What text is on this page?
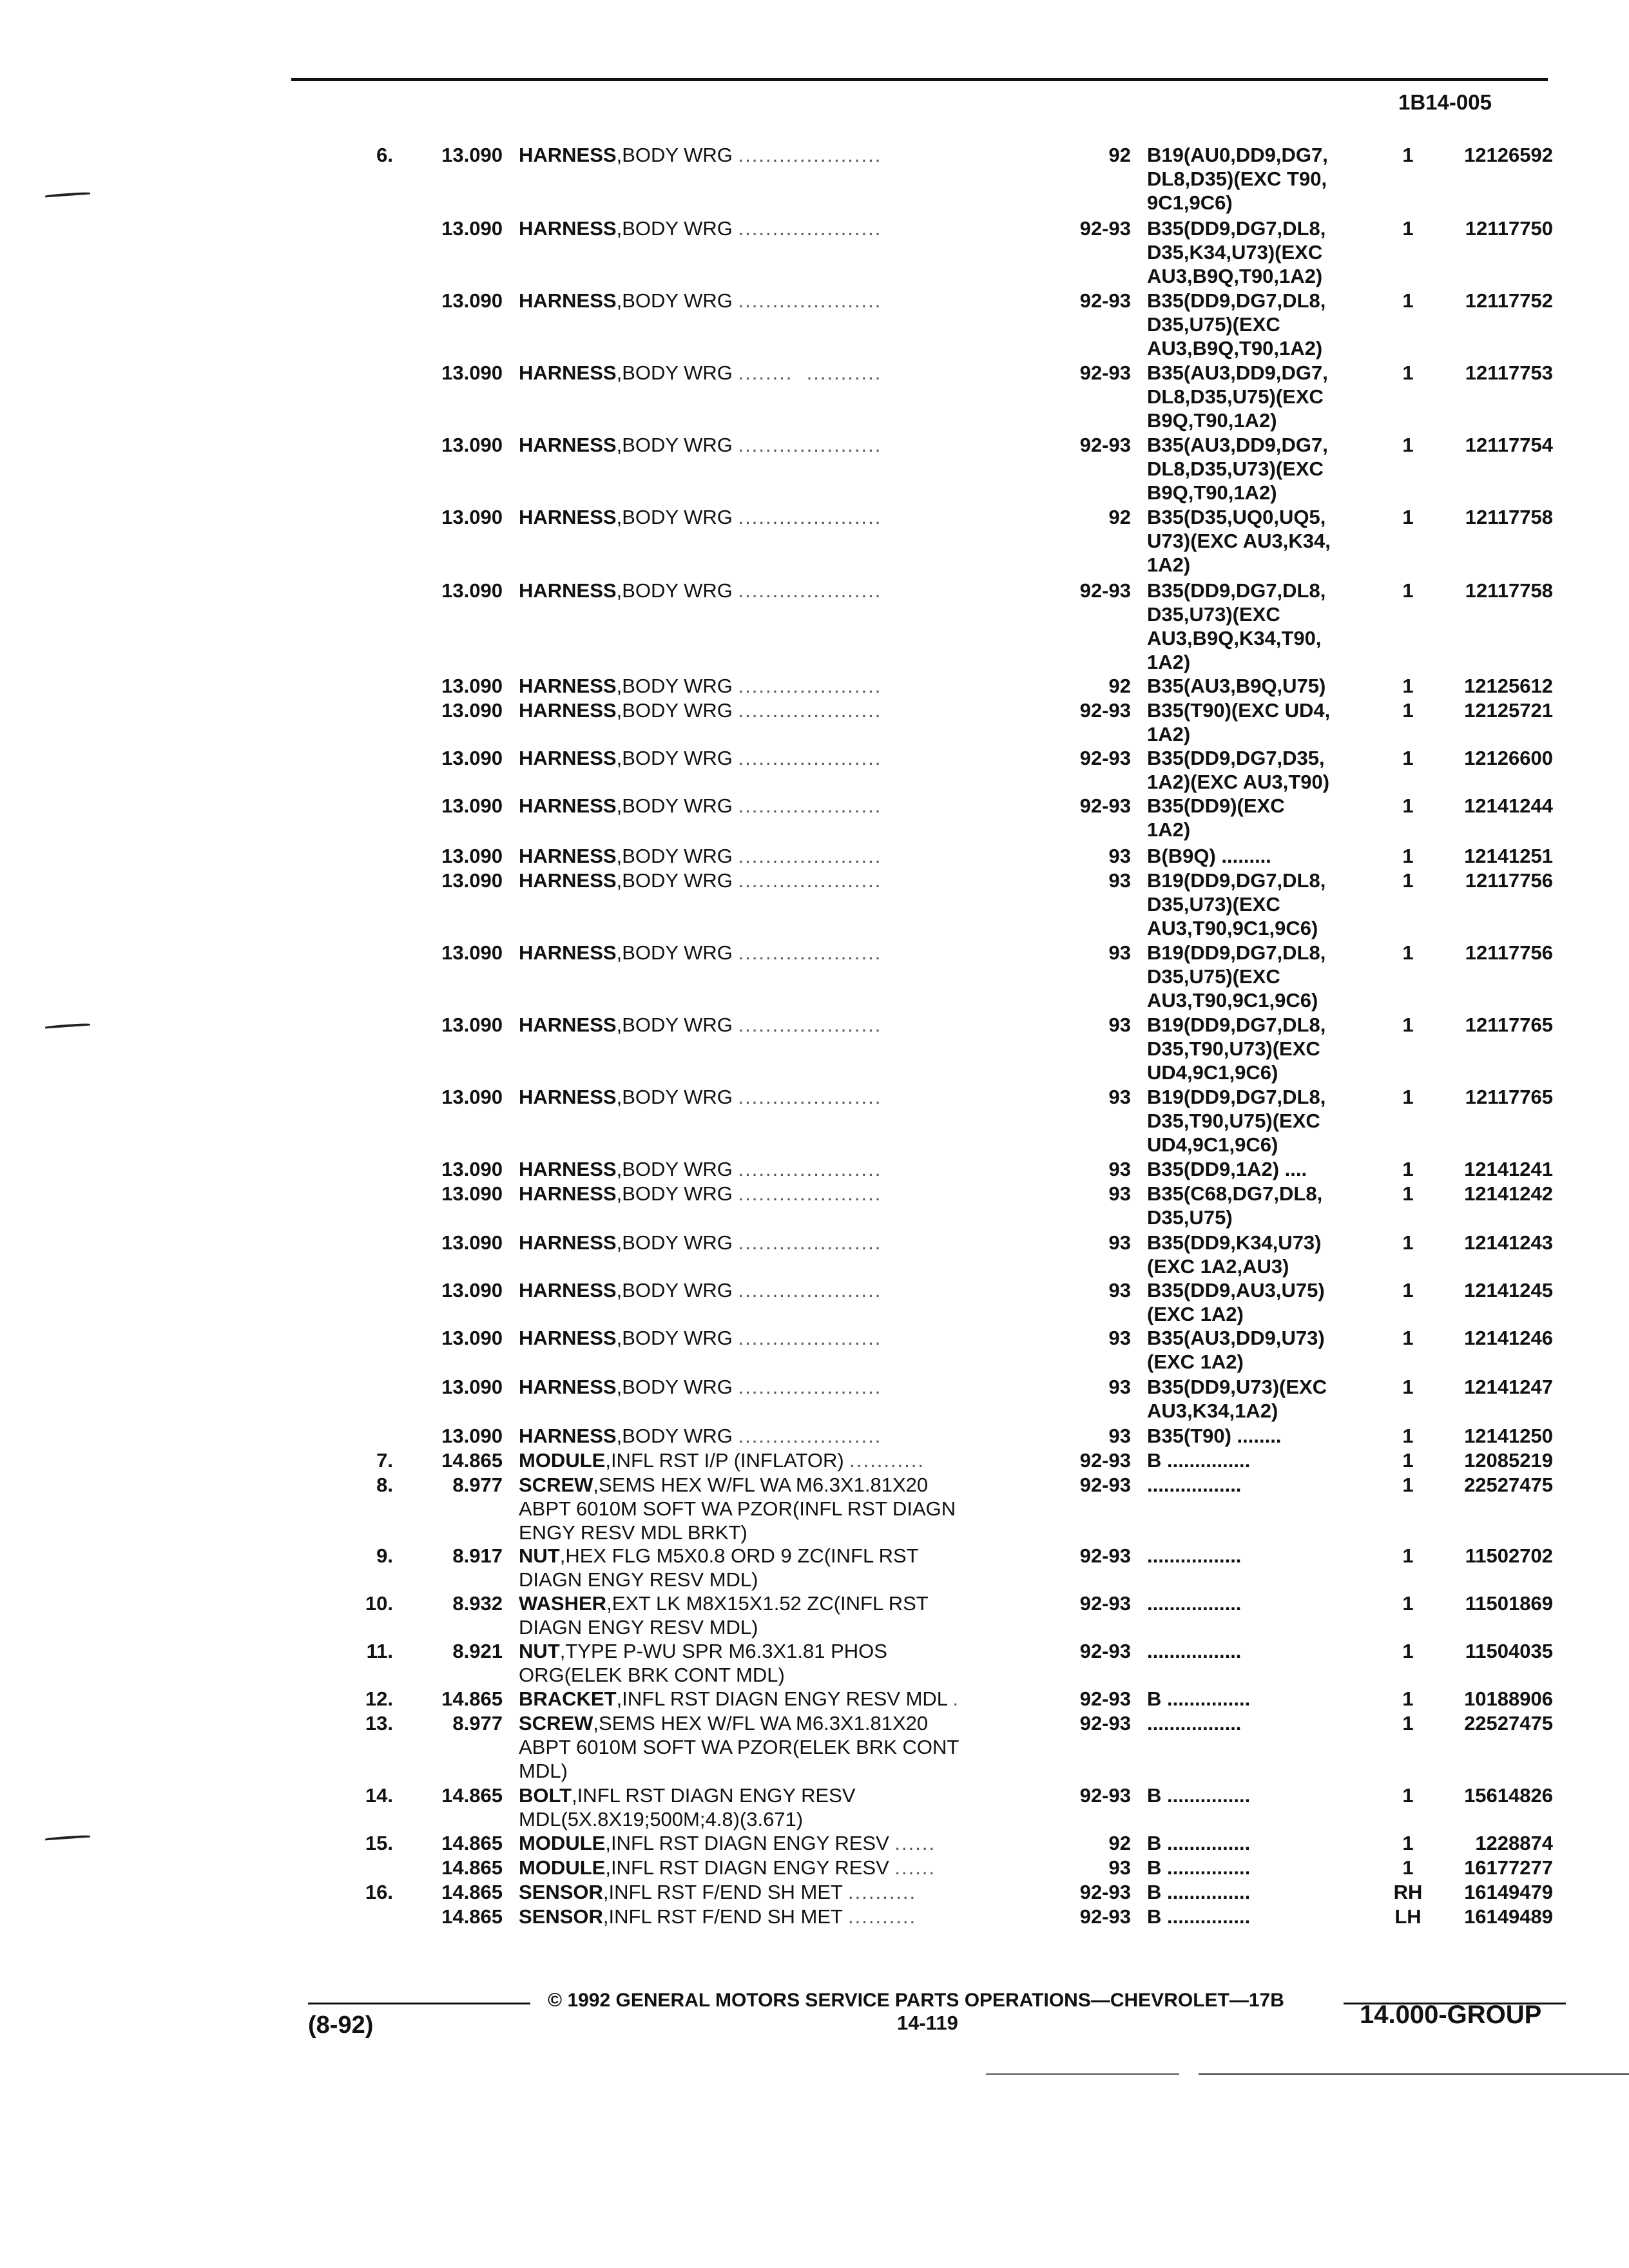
1B14-005
6.	13.090 HARNESS,BODY WRG .....................	92 B19(AU0,DD9,DG7,
DL8,D35)(EXC T90,
9C1,9C6)
1	12126592
13.090 HARNESS,BODY WRG .....................	92-93 B35(DD9,DG7,DL8,
D35,K34,U73)(EXC
AU3,B9Q,T90,1A2)
1	12117750
13.090 HARNESS,BODY WRG .....................	92-93 B35(DD9,DG7,DL8,
D35,U75)(EXC
AU3,B9Q,T90,1A2)
1	12117752
13.090 HARNESS,BODY WRG ........  ...........	92-93 B35(AU3,DD9,DG7,
DL8,D35,U75)(EXC
B9Q,T90,1A2)
1	12117753
13.090 HARNESS,BODY WRG .....................	92-93 B35(AU3,DD9,DG7,
DL8,D35,U73)(EXC
B9Q,T90,1A2)
1	12117754
13.090 HARNESS,BODY WRG .....................	92 B35(D35,UQ0,UQ5,
U73)(EXC AU3,K34,
1A2)
1	12117758
13.090 HARNESS,BODY WRG .....................	92-93 B35(DD9,DG7,DL8,
D35,U73)(EXC
AU3,B9Q,K34,T90,
1A2)
1	12117758
13.090 HARNESS,BODY WRG .....................	92 B35(AU3,B9Q,U75)	1	12125612
13.090 HARNESS,BODY WRG .....................	92-93 B35(T90)(EXC UD4,
1A2)
1	12125721
13.090 HARNESS,BODY WRG .....................	92-93 B35(DD9,DG7,D35,
1A2)(EXC AU3,T90)
1	12126600
13.090 HARNESS,BODY WRG .....................	92-93 B35(DD9)(EXC
1A2)
1	12141244
13.090 HARNESS,BODY WRG .....................	93 B(B9Q) .........	1	12141251
13.090 HARNESS,BODY WRG .....................	93 B19(DD9,DG7,DL8,
D35,U73)(EXC
AU3,T90,9C1,9C6)
1	12117756
13.090 HARNESS,BODY WRG .....................	93 B19(DD9,DG7,DL8,
D35,U75)(EXC
AU3,T90,9C1,9C6)
1	12117756
13.090 HARNESS,BODY WRG .....................	93 B19(DD9,DG7,DL8,
D35,T90,U73)(EXC
UD4,9C1,9C6)
1	12117765
13.090 HARNESS,BODY WRG .....................	93 B19(DD9,DG7,DL8,
D35,T90,U75)(EXC
UD4,9C1,9C6)
1	12117765
13.090 HARNESS,BODY WRG .....................	93 B35(DD9,1A2) ....	1	12141241
13.090 HARNESS,BODY WRG .....................	93 B35(C68,DG7,DL8,
D35,U75)
1	12141242
13.090 HARNESS,BODY WRG .....................	93 B35(DD9,K34,U73)
(EXC 1A2,AU3)
1	12141243
13.090 HARNESS,BODY WRG .....................	93 B35(DD9,AU3,U75)
(EXC 1A2)
1	12141245
13.090 HARNESS,BODY WRG .....................	93 B35(AU3,DD9,U73)
(EXC 1A2)
1	12141246
13.090 HARNESS,BODY WRG .....................	93 B35(DD9,U73)(EXC
AU3,K34,1A2)
1	12141247
13.090 HARNESS,BODY WRG .....................	93 B35(T90) ........	1	12141250
7.	14.865 MODULE,INFL RST I/P (INFLATOR) ...........	92-93 B ...............	1	12085219
8.	8.977 SCREW,SEMS HEX W/FL WA M6.3X1.81X20
ABPT 6010M SOFT WA PZOR(INFL RST DIAGN
ENGY RESV MDL BRKT)
92-93 .................	1	22527475
9.	8.917 NUT,HEX FLG M5X0.8 ORD 9 ZC(INFL RST
DIAGN ENGY RESV MDL)
92-93 .................	1	11502702
10.	8.932 WASHER,EXT LK M8X15X1.52 ZC(INFL RST
DIAGN ENGY RESV MDL)
92-93 .................	1	11501869
11.	8.921 NUT,TYPE P-WU SPR M6.3X1.81 PHOS
ORG(ELEK BRK CONT MDL)
92-93 .................	1	11504035
12.	14.865 BRACKET,INFL RST DIAGN ENGY RESV MDL .	92-93 B ...............	1	10188906
13.	8.977 SCREW,SEMS HEX W/FL WA M6.3X1.81X20
ABPT 6010M SOFT WA PZOR(ELEK BRK CONT
MDL)
92-93 .................	1	22527475
14.	14.865 BOLT,INFL RST DIAGN ENGY RESV
MDL(5X.8X19;500M;4.8)(3.671)
92-93 B ...............	1	15614826
15.	14.865 MODULE,INFL RST DIAGN ENGY RESV ......	92 B ...............	1	1228874
14.865 MODULE,INFL RST DIAGN ENGY RESV ......	93 B ...............	1	16177277
16.	14.865 SENSOR,INFL RST F/END SH MET ..........	92-93 B ...............	RH	16149479
14.865 SENSOR,INFL RST F/END SH MET ..........	92-93 B ...............	LH	16149489
© 1992 GENERAL MOTORS SERVICE PARTS OPERATIONS—CHEVROLET—17B
(8-92)	14-119	14.000-GROUP
